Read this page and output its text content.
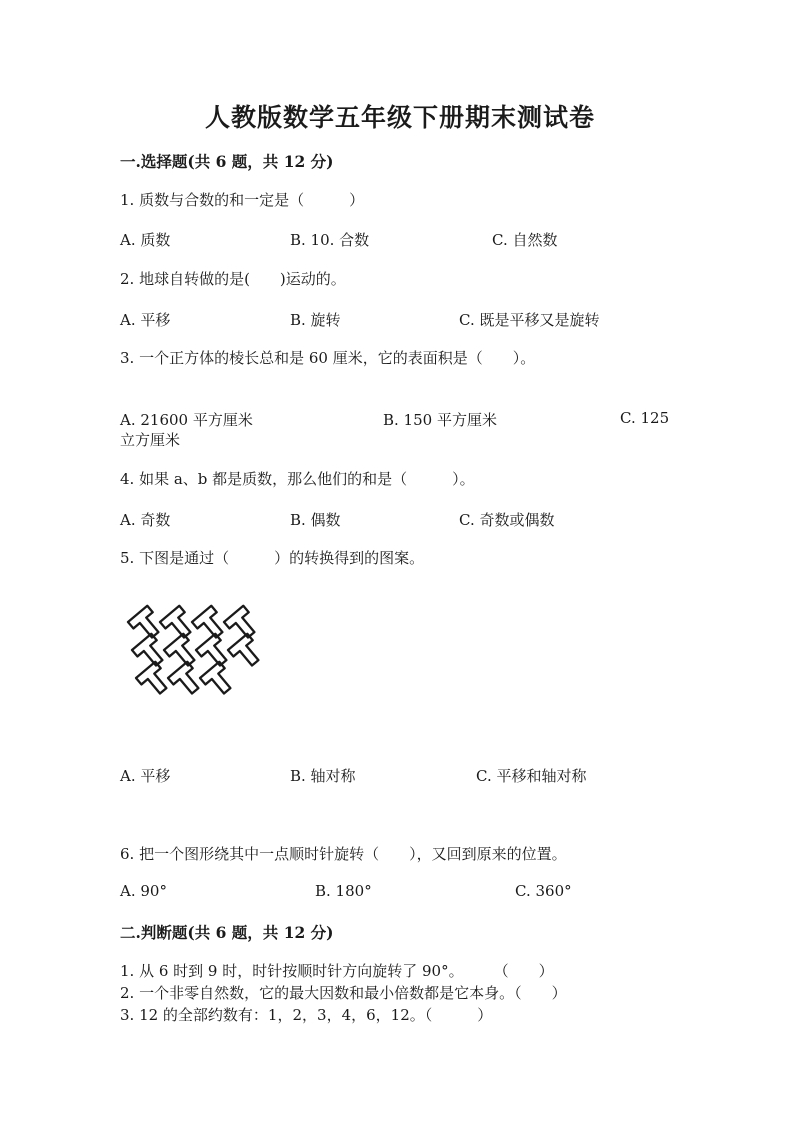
人教版数学五年级下册期末测试卷
一.选择题(共 6 题，共 12 分)
1. 质数与合数的和一定是（　　　）
A. 质数	B. 10. 合数	C. 自然数
2. 地球自转做的是(　　)运动的。
A. 平移	B. 旋转	C. 既是平移又是旋转
3. 一个正方体的棱长总和是 60 厘米，它的表面积是（　　）。
A. 21600 平方厘米	B. 150 平方厘米	C. 125
立方厘米
4. 如果 a、b 都是质数，那么他们的和是（　　　）。
A. 奇数	B. 偶数	C. 奇数或偶数
5. 下图是通过（　　　）的转换得到的图案。
A. 平移	B. 轴对称	C. 平移和轴对称
6. 把一个图形绕其中一点顺时针旋转（　　），又回到原来的位置。
A. 90°	B. 180°	C. 360°
二.判断题(共 6 题，共 12 分)
1. 从 6 时到 9 时，时针按顺时针方向旋转了 90°。　　　（　　）
2. 一个非零自然数，它的最大因数和最小倍数都是它本身。（　　）
3. 12 的全部约数有：1，2，3，4，6，12。（　　　）
